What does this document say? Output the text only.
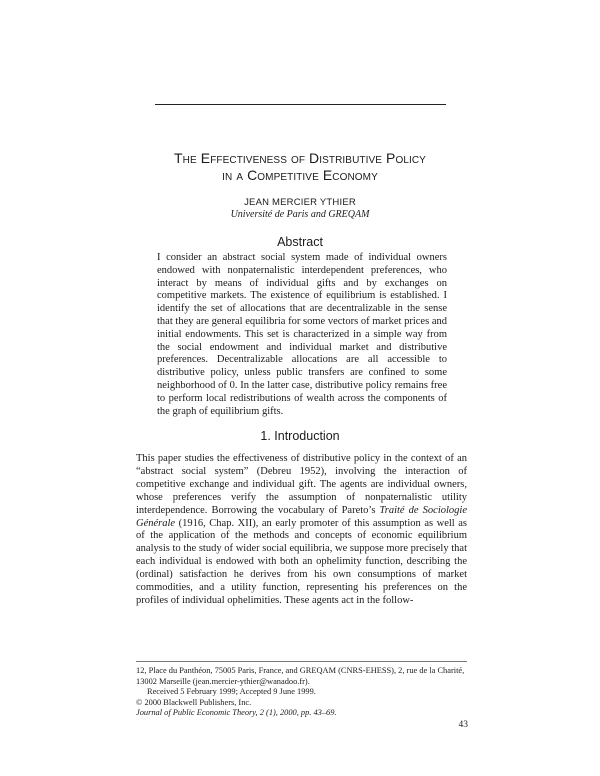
The Effectiveness of Distributive Policy
in a Competitive Economy
JEAN MERCIER YTHIER
Université de Paris and GREQAM
Abstract

I consider an abstract social system made of individual owners endowed with nonpaternalistic interdependent preferences, who interact by means of individual gifts and by exchanges on competitive markets. The existence of equilibrium is established. I identify the set of allocations that are decentralizable in the sense that they are general equilibria for some vectors of market prices and initial endowments. This set is characterized in a simple way from the social endowment and individual market and distributive preferences. Decentralizable allocations are all accessible to distributive policy, unless public transfers are confined to some neighborhood of 0. In the latter case, distributive policy remains free to perform local redistributions of wealth across the components of the graph of equilibrium gifts.

1. Introduction

This paper studies the effectiveness of distributive policy in the context of an “abstract social system” (Debreu 1952), involving the interaction of competitive exchange and individual gift. The agents are individual owners, whose preferences verify the assumption of nonpaternalistic utility interdependence. Borrowing the vocabulary of Pareto’s Traité de Sociologie Générale (1916, Chap. XII), an early promoter of this assumption as well as of the application of the methods and concepts of economic equilibrium analysis to the study of wider social equilibria, we suppose more precisely that each individual is endowed with both an ophelimity function, describing the (ordinal) satisfaction he derives from his own consumptions of market commodities, and a utility function, representing his preferences on the profiles of individual ophelimities. These agents act in the follow-

12, Place du Panthéon, 75005 Paris, France, and GREQAM (CNRS-EHESS), 2, rue de la Charité, 13002 Marseille (jean.mercier-ythier@wanadoo.fr).

Received 5 February 1999; Accepted 9 June 1999.

© 2000 Blackwell Publishers, Inc.

Journal of Public Economic Theory, 2 (1), 2000, pp. 43–69.

43
